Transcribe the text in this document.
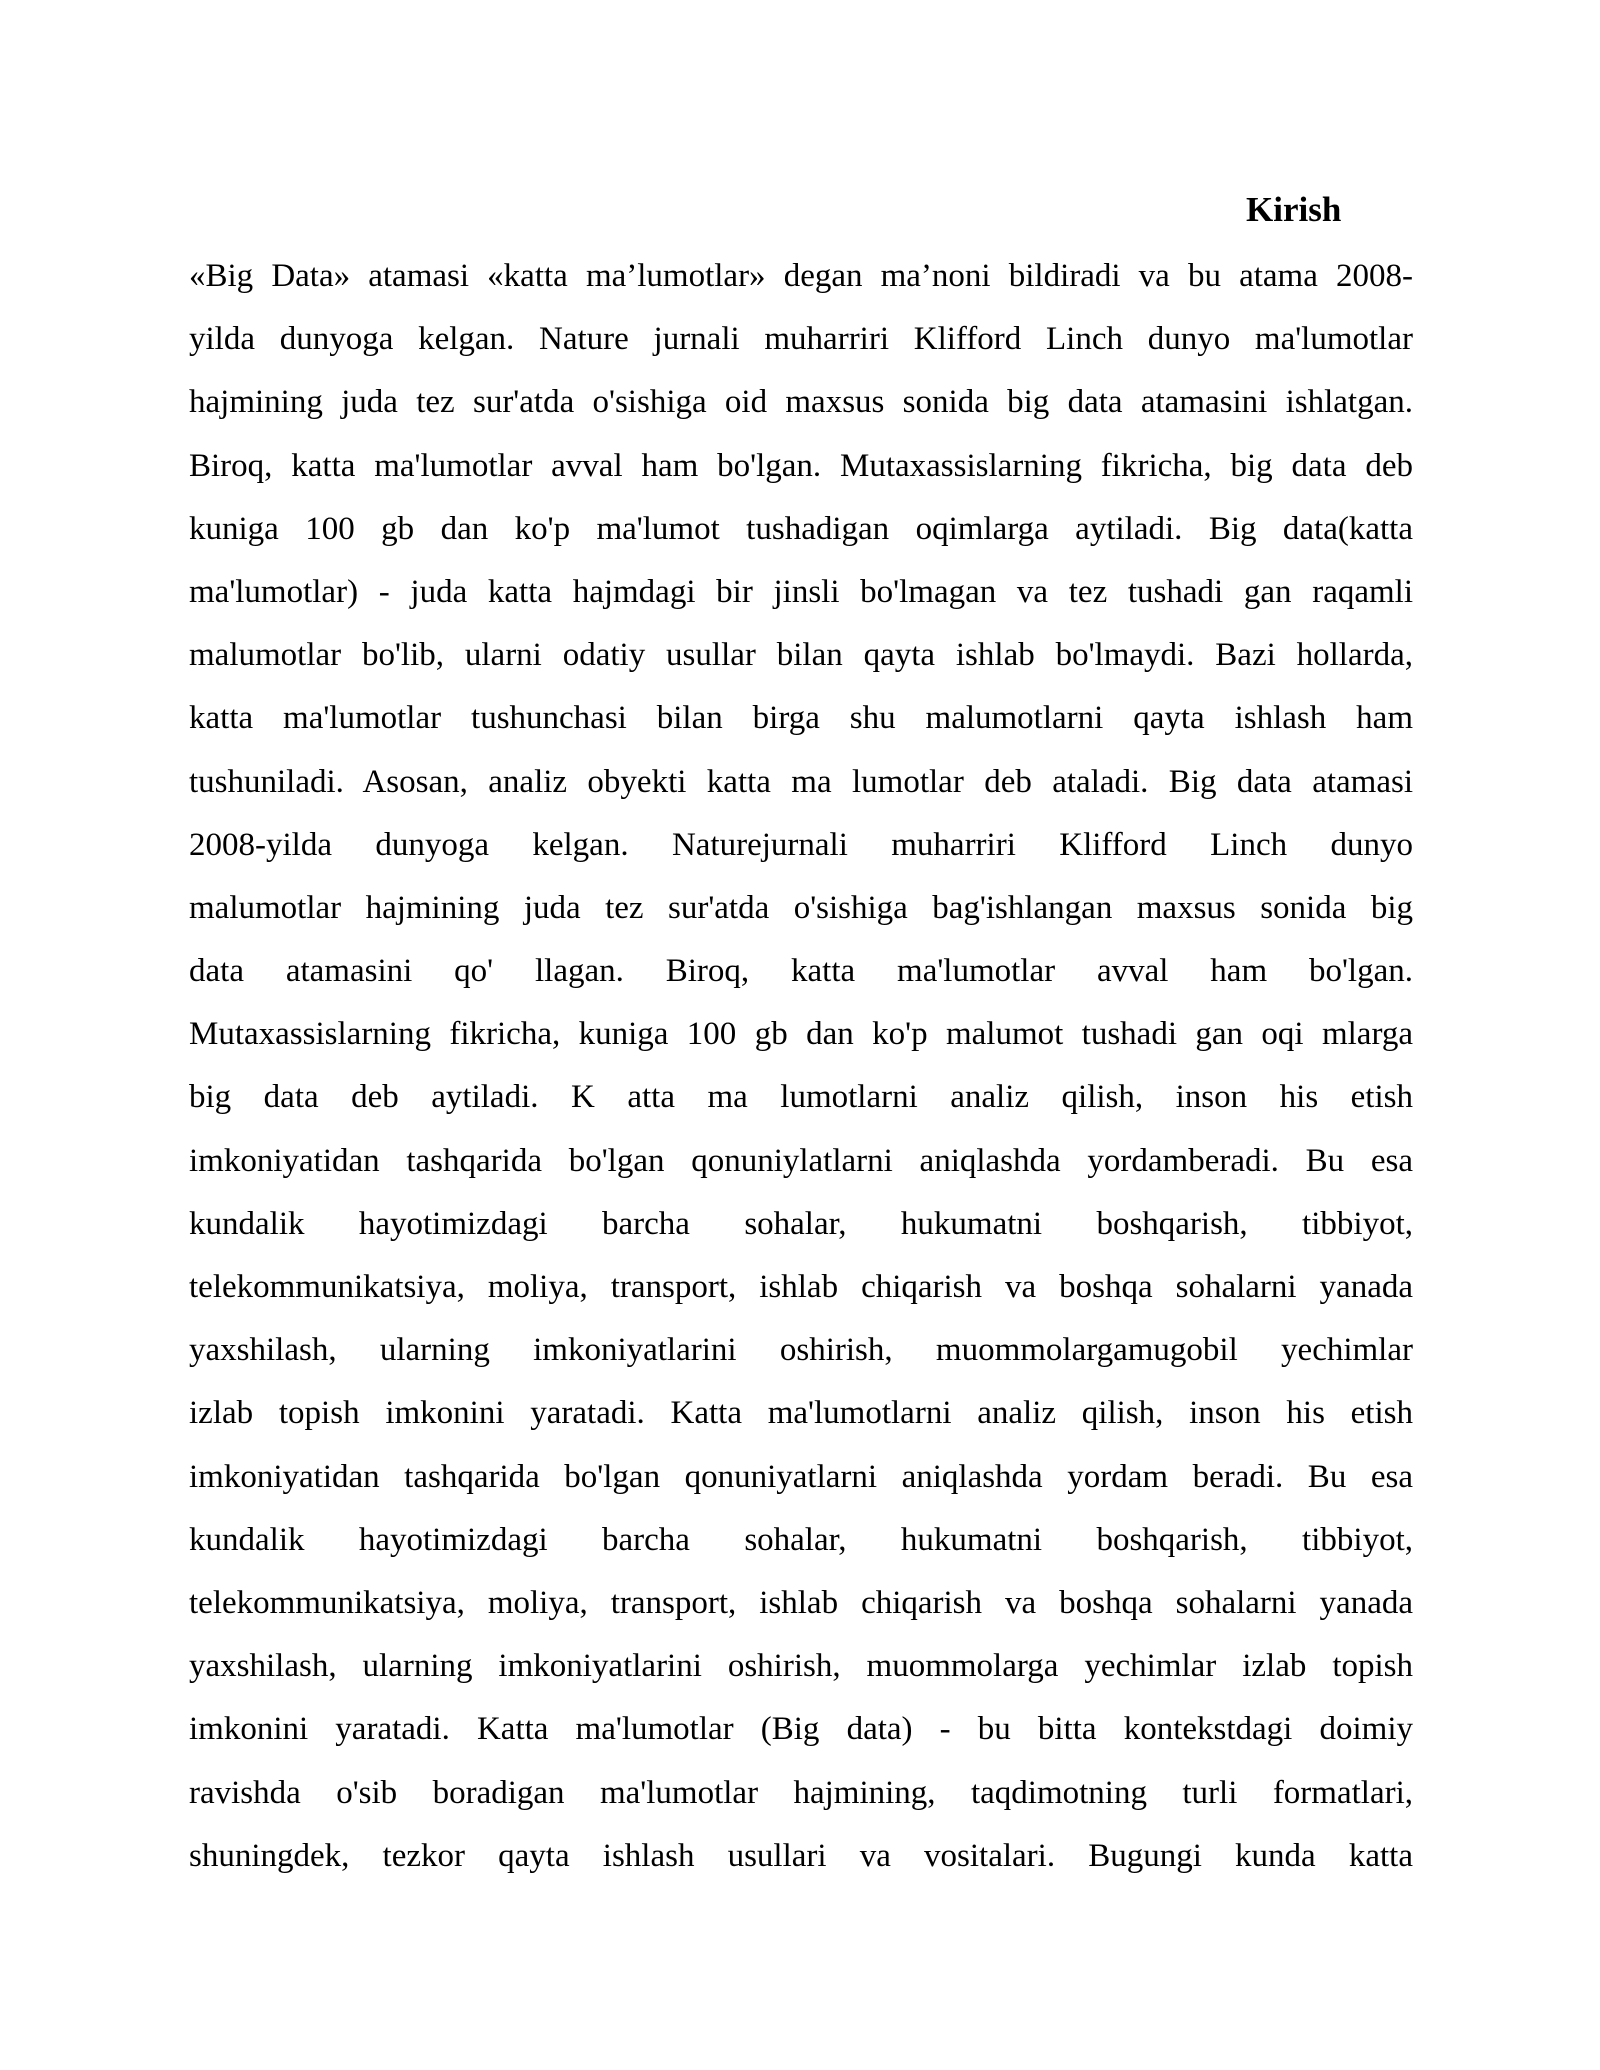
Kirish
«Big Data» atamasi «katta ma’lumotlar» degan ma’noni bildiradi va bu atama 2008-
yilda dunyoga kelgan. Nature jurnali muharriri Klifford Linch dunyo ma'lumotlar
hajmining juda tez sur'atda o'sishiga oid maxsus sonida big data atamasini ishlatgan.
Biroq, katta ma'lumotlar avval ham bo'lgan. Mutaxassislarning fikricha, big data deb
kuniga 100 gb dan ko'p ma'lumot tushadigan oqimlarga aytiladi. Big data(katta
ma'lumotlar) - juda katta hajmdagi bir jinsli bo'lmagan va tez tushadi gan raqamli
malumotlar bo'lib, ularni odatiy usullar bilan qayta ishlab bo'lmaydi. Bazi hollarda,
katta ma'lumotlar tushunchasi bilan birga shu malumotlarni qayta ishlash ham
tushuniladi. Asosan, analiz obyekti katta ma lumotlar deb ataladi. Big data atamasi
2008-yilda dunyoga kelgan. Naturejurnali muharriri Klifford Linch dunyo
malumotlar hajmining juda tez sur'atda o'sishiga bag'ishlangan maxsus sonida big
data atamasini qo' llagan. Biroq, katta ma'lumotlar avval ham bo'lgan.
Mutaxassislarning fikricha, kuniga 100 gb dan ko'p malumot tushadi gan oqi mlarga
big data deb aytiladi. K atta ma lumotlarni analiz qilish, inson his etish
imkoniyatidan tashqarida bo'lgan qonuniylatlarni aniqlashda yordamberadi. Bu esa
kundalik hayotimizdagi barcha sohalar, hukumatni boshqarish, tibbiyot,
telekommunikatsiya, moliya, transport, ishlab chiqarish va boshqa sohalarni yanada
yaxshilash, ularning imkoniyatlarini oshirish, muommolargamugobil yechimlar
izlab topish imkonini yaratadi. Katta ma'lumotlarni analiz qilish, inson his etish
imkoniyatidan tashqarida bo'lgan qonuniyatlarni aniqlashda yordam beradi. Bu esa
kundalik hayotimizdagi barcha sohalar, hukumatni boshqarish, tibbiyot,
telekommunikatsiya, moliya, transport, ishlab chiqarish va boshqa sohalarni yanada
yaxshilash, ularning imkoniyatlarini oshirish, muommolarga yechimlar izlab topish
imkonini yaratadi. Katta ma'lumotlar (Big data) - bu bitta kontekstdagi doimiy
ravishda o'sib boradigan ma'lumotlar hajmining, taqdimotning turli formatlari,
shuningdek, tezkor qayta ishlash usullari va vositalari. Bugungi kunda katta
